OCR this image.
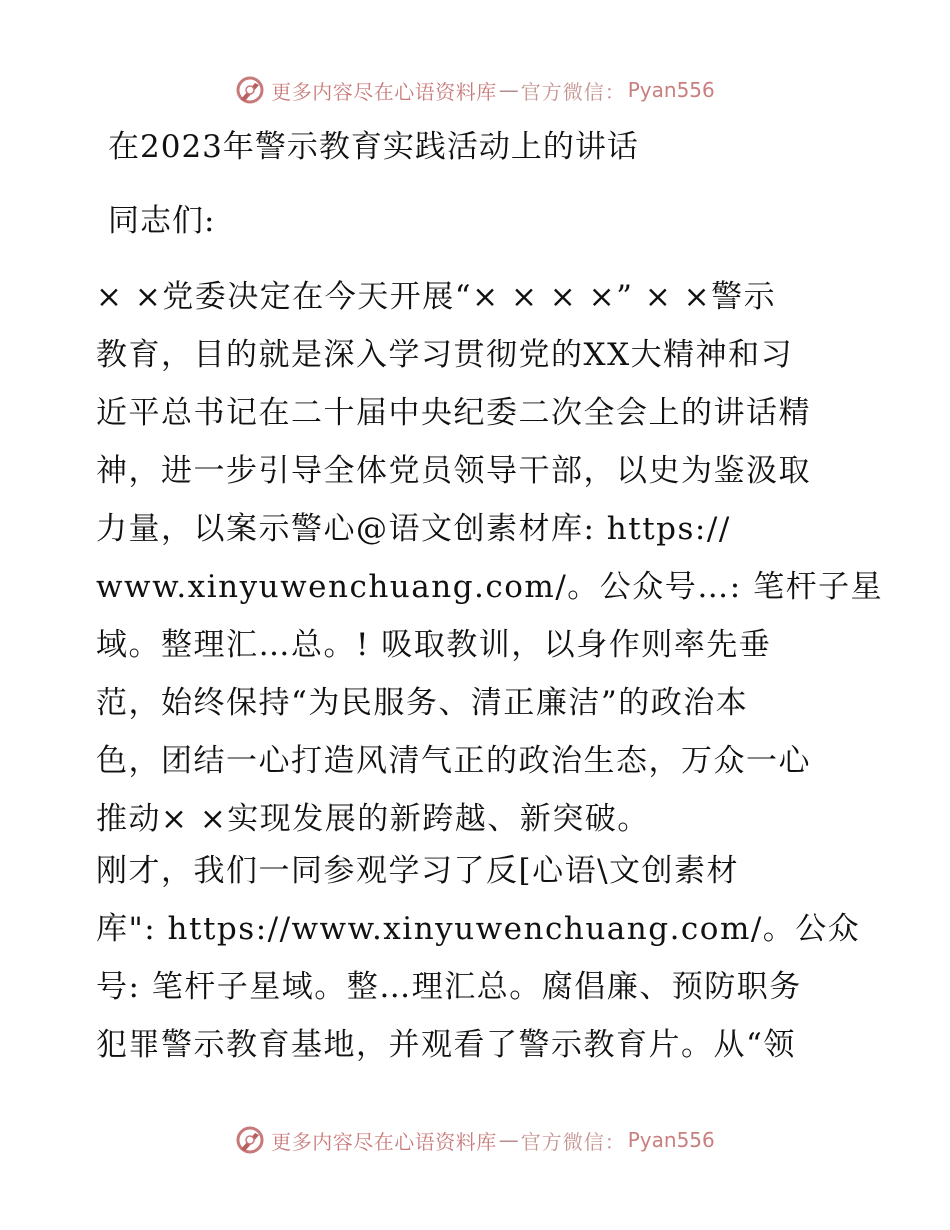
更多内容尽在心语资料库 — 官方微信： Pyan556
在2023年警示教育实践活动上的讲话
同志们:
× ×党委决定在今天开展“× × × ×” × ×警示
教育，目的就是深入学习贯彻党的XX大精神和习
近平总书记在二十届中央纪委二次全会上的讲话精
神，进一步引导全体党员领导干部，以史为鉴汲取
力量，以案示警心@语文创素材库: https://
www.xinyuwenchuang.com/。公众号…: 笔杆子星
域。整理汇…总。! 吸取教训，以身作则率先垂
范，始终保持“为民服务、清正廉洁”的政治本
色，团结一心打造风清气正的政治生态，万众一心
推动× ×实现发展的新跨越、新突破。
刚才，我们一同参观学习了反[心语\文创素材
库": https://www.xinyuwenchuang.com/。公众
号: 笔杆子星域。整…理汇总。腐倡廉、预防职务
犯罪警示教育基地，并观看了警示教育片。从“领
更多内容尽在心语资料库 — 官方微信： Pyan556
